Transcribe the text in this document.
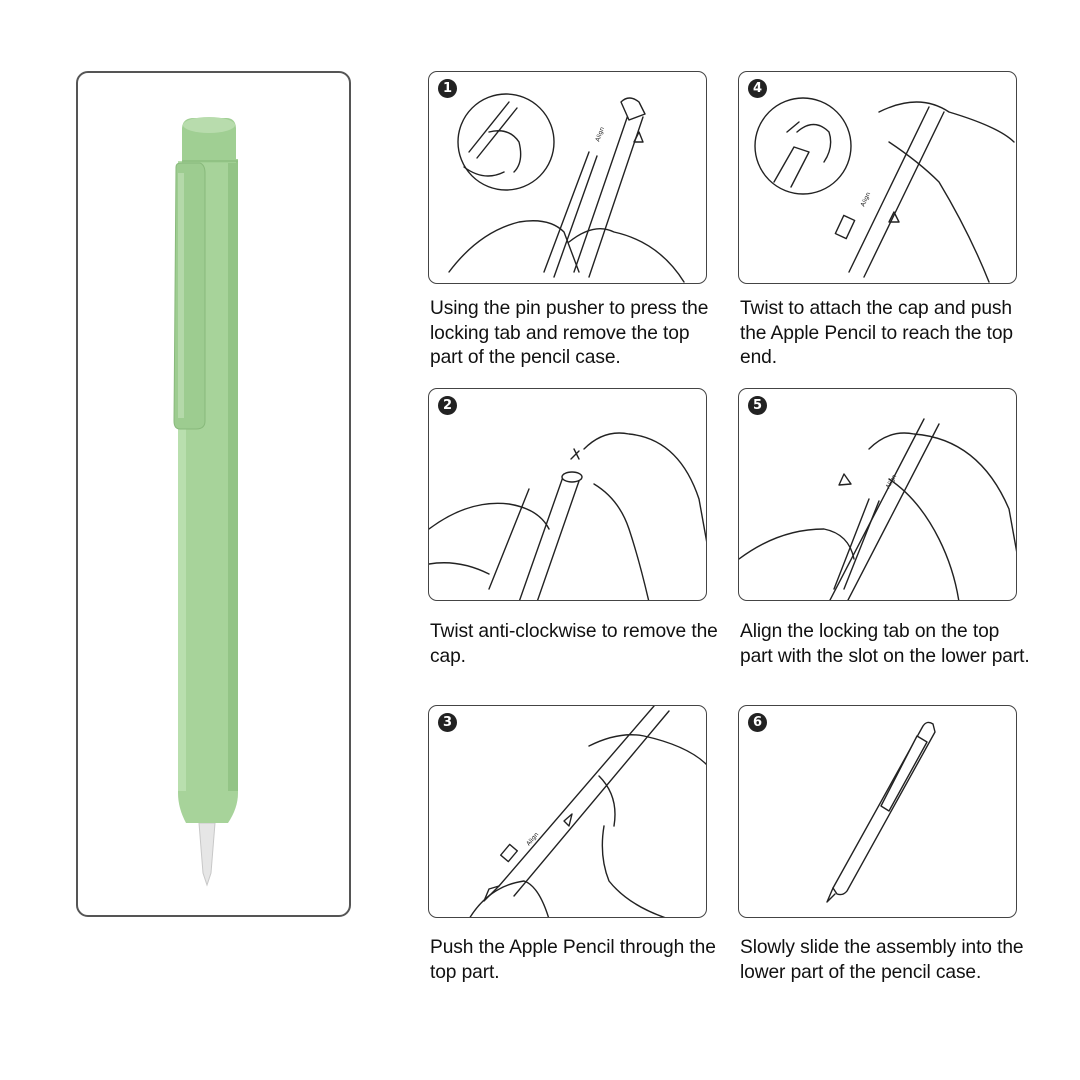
1
Align
Using the pin pusher to press the locking tab and remove the top part of the pencil case.
4
Align
Twist to attach the cap and push the Apple Pencil to reach the top end.
2
Twist anti-clockwise to remove the cap.
5
Align
Align the locking tab on the top part with the slot on the lower part.
3
Align
Push the Apple Pencil through the top part.
6
Slowly slide the assembly into the lower part of the pencil case.
